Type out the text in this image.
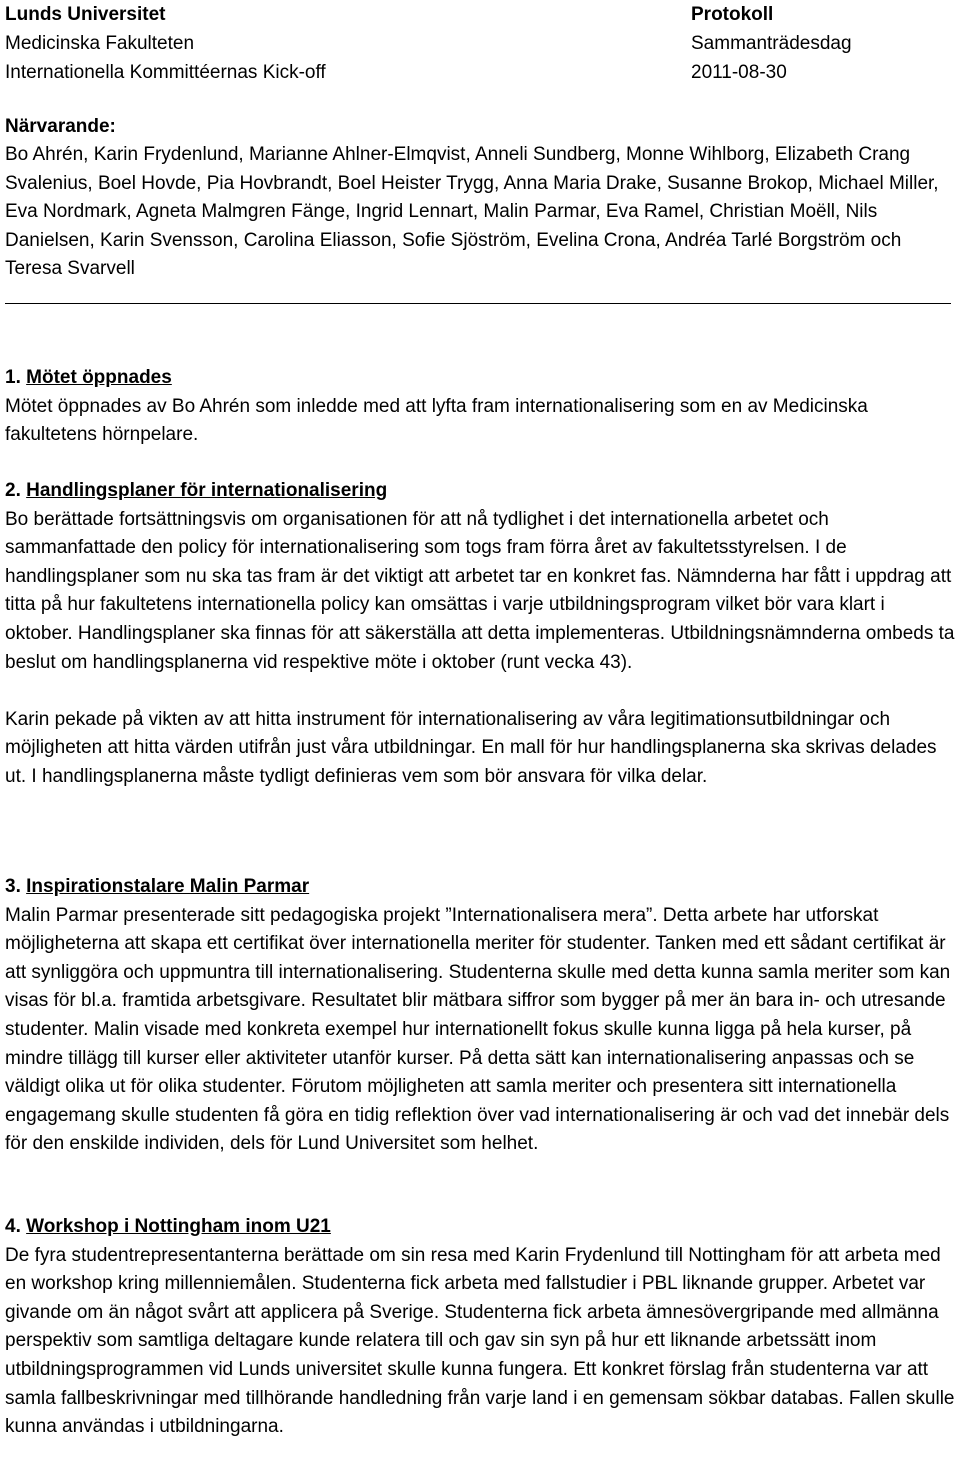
Lunds Universitet
Medicinska Fakulteten
Internationella Kommittéernas Kick-off
Protokoll
Sammanträdesdag
2011-08-30
Närvarande:
Bo Ahrén, Karin Frydenlund, Marianne Ahlner-Elmqvist, Anneli Sundberg, Monne Wihlborg, Elizabeth Crang Svalenius, Boel Hovde, Pia Hovbrandt, Boel Heister Trygg, Anna Maria Drake, Susanne Brokop, Michael Miller, Eva Nordmark, Agneta Malmgren Fänge, Ingrid Lennart, Malin Parmar, Eva Ramel, Christian Moëll, Nils Danielsen, Karin Svensson, Carolina Eliasson, Sofie Sjöström, Evelina Crona, Andréa Tarlé Borgström och Teresa Svarvell
1. Mötet öppnades

Mötet öppnades av Bo Ahrén som inledde med att lyfta fram internationalisering som en av Medicinska fakultetens hörnpelare.

2. Handlingsplaner för internationalisering

Bo berättade fortsättningsvis om organisationen för att nå tydlighet i det internationella arbetet och sammanfattade den policy för internationalisering som togs fram förra året av fakultetsstyrelsen. I de handlingsplaner som nu ska tas fram är det viktigt att arbetet tar en konkret fas. Nämnderna har fått i uppdrag att titta på hur fakultetens internationella policy kan omsättas i varje utbildningsprogram vilket bör vara klart i oktober. Handlingsplaner ska finnas för att säkerställa att detta implementeras. Utbildningsnämnderna ombeds ta beslut om handlingsplanerna vid respektive möte i oktober (runt vecka 43).

Karin pekade på vikten av att hitta instrument för internationalisering av våra legitimationsutbildningar och möjligheten att hitta värden utifrån just våra utbildningar. En mall för hur handlingsplanerna ska skrivas delades ut. I handlingsplanerna måste tydligt definieras vem som bör ansvara för vilka delar.

3. Inspirationstalare Malin Parmar

Malin Parmar presenterade sitt pedagogiska projekt ”Internationalisera mera”. Detta arbete har utforskat möjligheterna att skapa ett certifikat över internationella meriter för studenter. Tanken med ett sådant certifikat är att synliggöra och uppmuntra till internationalisering. Studenterna skulle med detta kunna samla meriter som kan visas för bl.a. framtida arbetsgivare. Resultatet blir mätbara siffror som bygger på mer än bara in- och utresande studenter. Malin visade med konkreta exempel hur internationellt fokus skulle kunna ligga på hela kurser, på mindre tillägg till kurser eller aktiviteter utanför kurser. På detta sätt kan internationalisering anpassas och se väldigt olika ut för olika studenter. Förutom möjligheten att samla meriter och presentera sitt internationella engagemang skulle studenten få göra en tidig reflektion över vad internationalisering är och vad det innebär dels för den enskilde individen, dels för Lund Universitet som helhet.

4. Workshop i Nottingham inom U21

De fyra studentrepresentanterna berättade om sin resa med Karin Frydenlund till Nottingham för att arbeta med en workshop kring millenniemålen. Studenterna fick arbeta med fallstudier i PBL liknande grupper. Arbetet var givande om än något svårt att applicera på Sverige. Studenterna fick arbeta ämnesövergripande med allmänna perspektiv som samtliga deltagare kunde relatera till och gav sin syn på hur ett liknande arbetssätt inom utbildningsprogrammen vid Lunds universitet skulle kunna fungera. Ett konkret förslag från studenterna var att samla fallbeskrivningar med tillhörande handledning från varje land i en gemensam sökbar databas. Fallen skulle kunna användas i utbildningarna.
